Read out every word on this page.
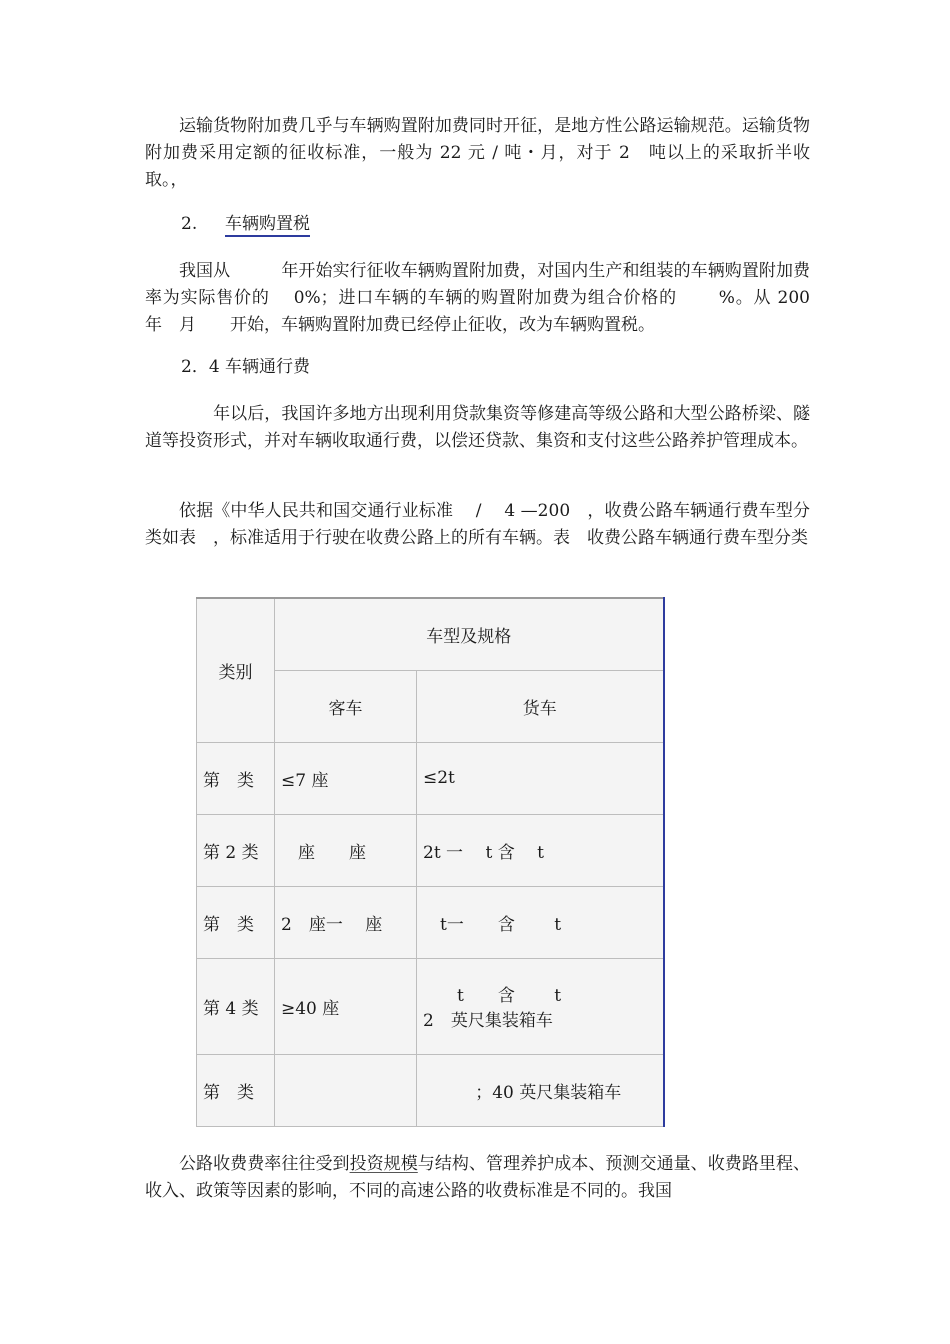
运输货物附加费几乎与车辆购置附加费同时开征，是地方性公路运输规范。运输货物附加费采用定额的征收标准，一般为 22 元 / 吨・月，对于 2　吨以上的采取折半收取。，

2. 车辆购置税

我国从　　　年开始实行征收车辆购置附加费，对国内生产和组装的车辆购置附加费率为实际售价的　 0%；进口车辆的车辆的购置附加费为组合价格的　　 %。从 200　年　月　　开始，车辆购置附加费已经停止征收，改为车辆购置税。

2．4 车辆通行费

　　年以后，我国许多地方出现利用贷款集资等修建高等级公路和大型公路桥梁、隧道等投资形式，并对车辆收取通行费，以偿还贷款、集资和支付这些公路养护管理成本。

依据《中华人民共和国交通行业标准　 /　 4 —200　，收费公路车辆通行费车型分类如表　，标准适用于行驶在收费公路上的所有车辆。表　收费公路车辆通行费车型分类

类别	车型及规格	
	客车	货车
第　类	≤7 座	≤2t
第 2 类	　座　　座	2t 一　 t 含　 t
第　类	2　座一　 座	　t一　　含　　 t
第 4 类	≥40 座	　　t　　含　　 t
2　英尺集装箱车

第　类		　；40 英尺集装箱车

公路收费费率往往受到投资规模与结构、管理养护成本、预测交通量、收费路里程、收入、政策等因素的影响，不同的高速公路的收费标准是不同的。我国
